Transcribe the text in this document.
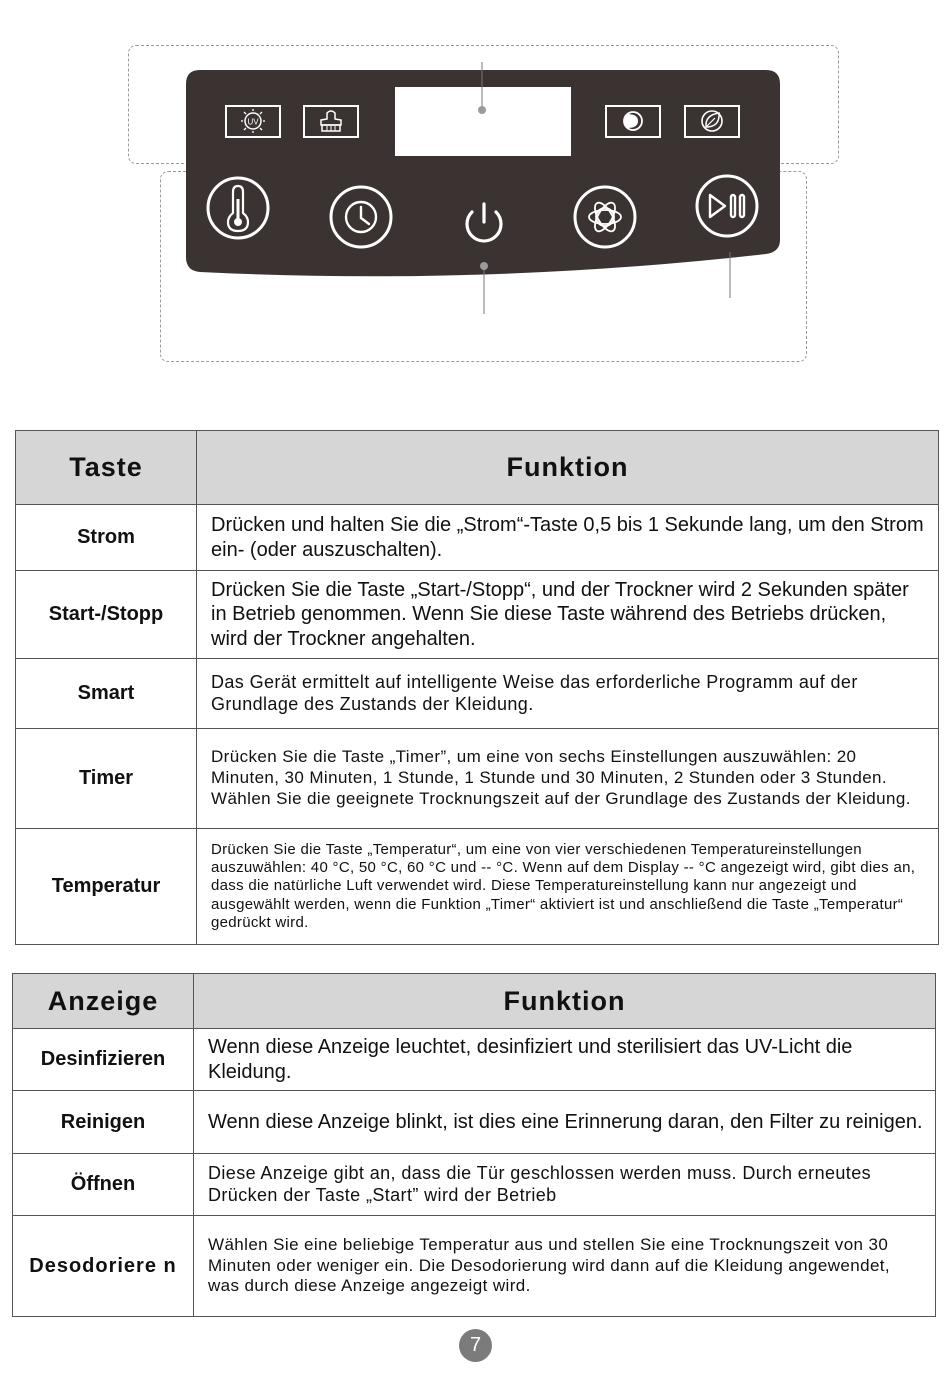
UV
Taste	Funktion
Strom	Drücken und halten Sie die „Strom“-Taste 0,5 bis 1 Sekunde lang, um den Strom ein- (oder auszuschalten).
Start-/Stopp	Drücken Sie die Taste „Start-/Stopp“, und der Trockner wird 2 Sekunden später in Betrieb genommen. Wenn Sie diese Taste während des Betriebs drücken, wird der Trockner angehalten.
Smart	Das Gerät ermittelt auf intelligente Weise das erforderliche Programm auf der Grundlage des Zustands der Kleidung.
Timer	Drücken Sie die Taste „Timer”, um eine von sechs Einstellungen auszuwählen: 20 Minuten, 30 Minuten, 1 Stunde, 1 Stunde und 30 Minuten, 2 Stunden oder 3 Stunden. Wählen Sie die geeignete Trocknungszeit auf der Grundlage des Zustands der Kleidung.
Temperatur	Drücken Sie die Taste „Temperatur“, um eine von vier verschiedenen Temperatureinstellungen auszuwählen: 40 °C, 50 °C, 60 °C und -- °C. Wenn auf dem Display -- °C angezeigt wird, gibt dies an, dass die natürliche Luft verwendet wird. Diese Temperatureinstellung kann nur angezeigt und ausgewählt werden, wenn die Funktion „Timer“ aktiviert ist und anschließend die Taste „Temperatur“ gedrückt wird.
Anzeige	Funktion
Desinfizieren	Wenn diese Anzeige leuchtet, desinfiziert und sterilisiert das UV-Licht die Kleidung.
Reinigen	Wenn diese Anzeige blinkt, ist dies eine Erinnerung daran, den Filter zu reinigen.
Öffnen	Diese Anzeige gibt an, dass die Tür geschlossen werden muss. Durch erneutes Drücken der Taste „Start” wird der Betrieb
Desodoriere n	Wählen Sie eine beliebige Temperatur aus und stellen Sie eine Trocknungszeit von 30 Minuten oder weniger ein. Die Desodorierung wird dann auf die Kleidung angewendet, was durch diese Anzeige angezeigt wird.
7
